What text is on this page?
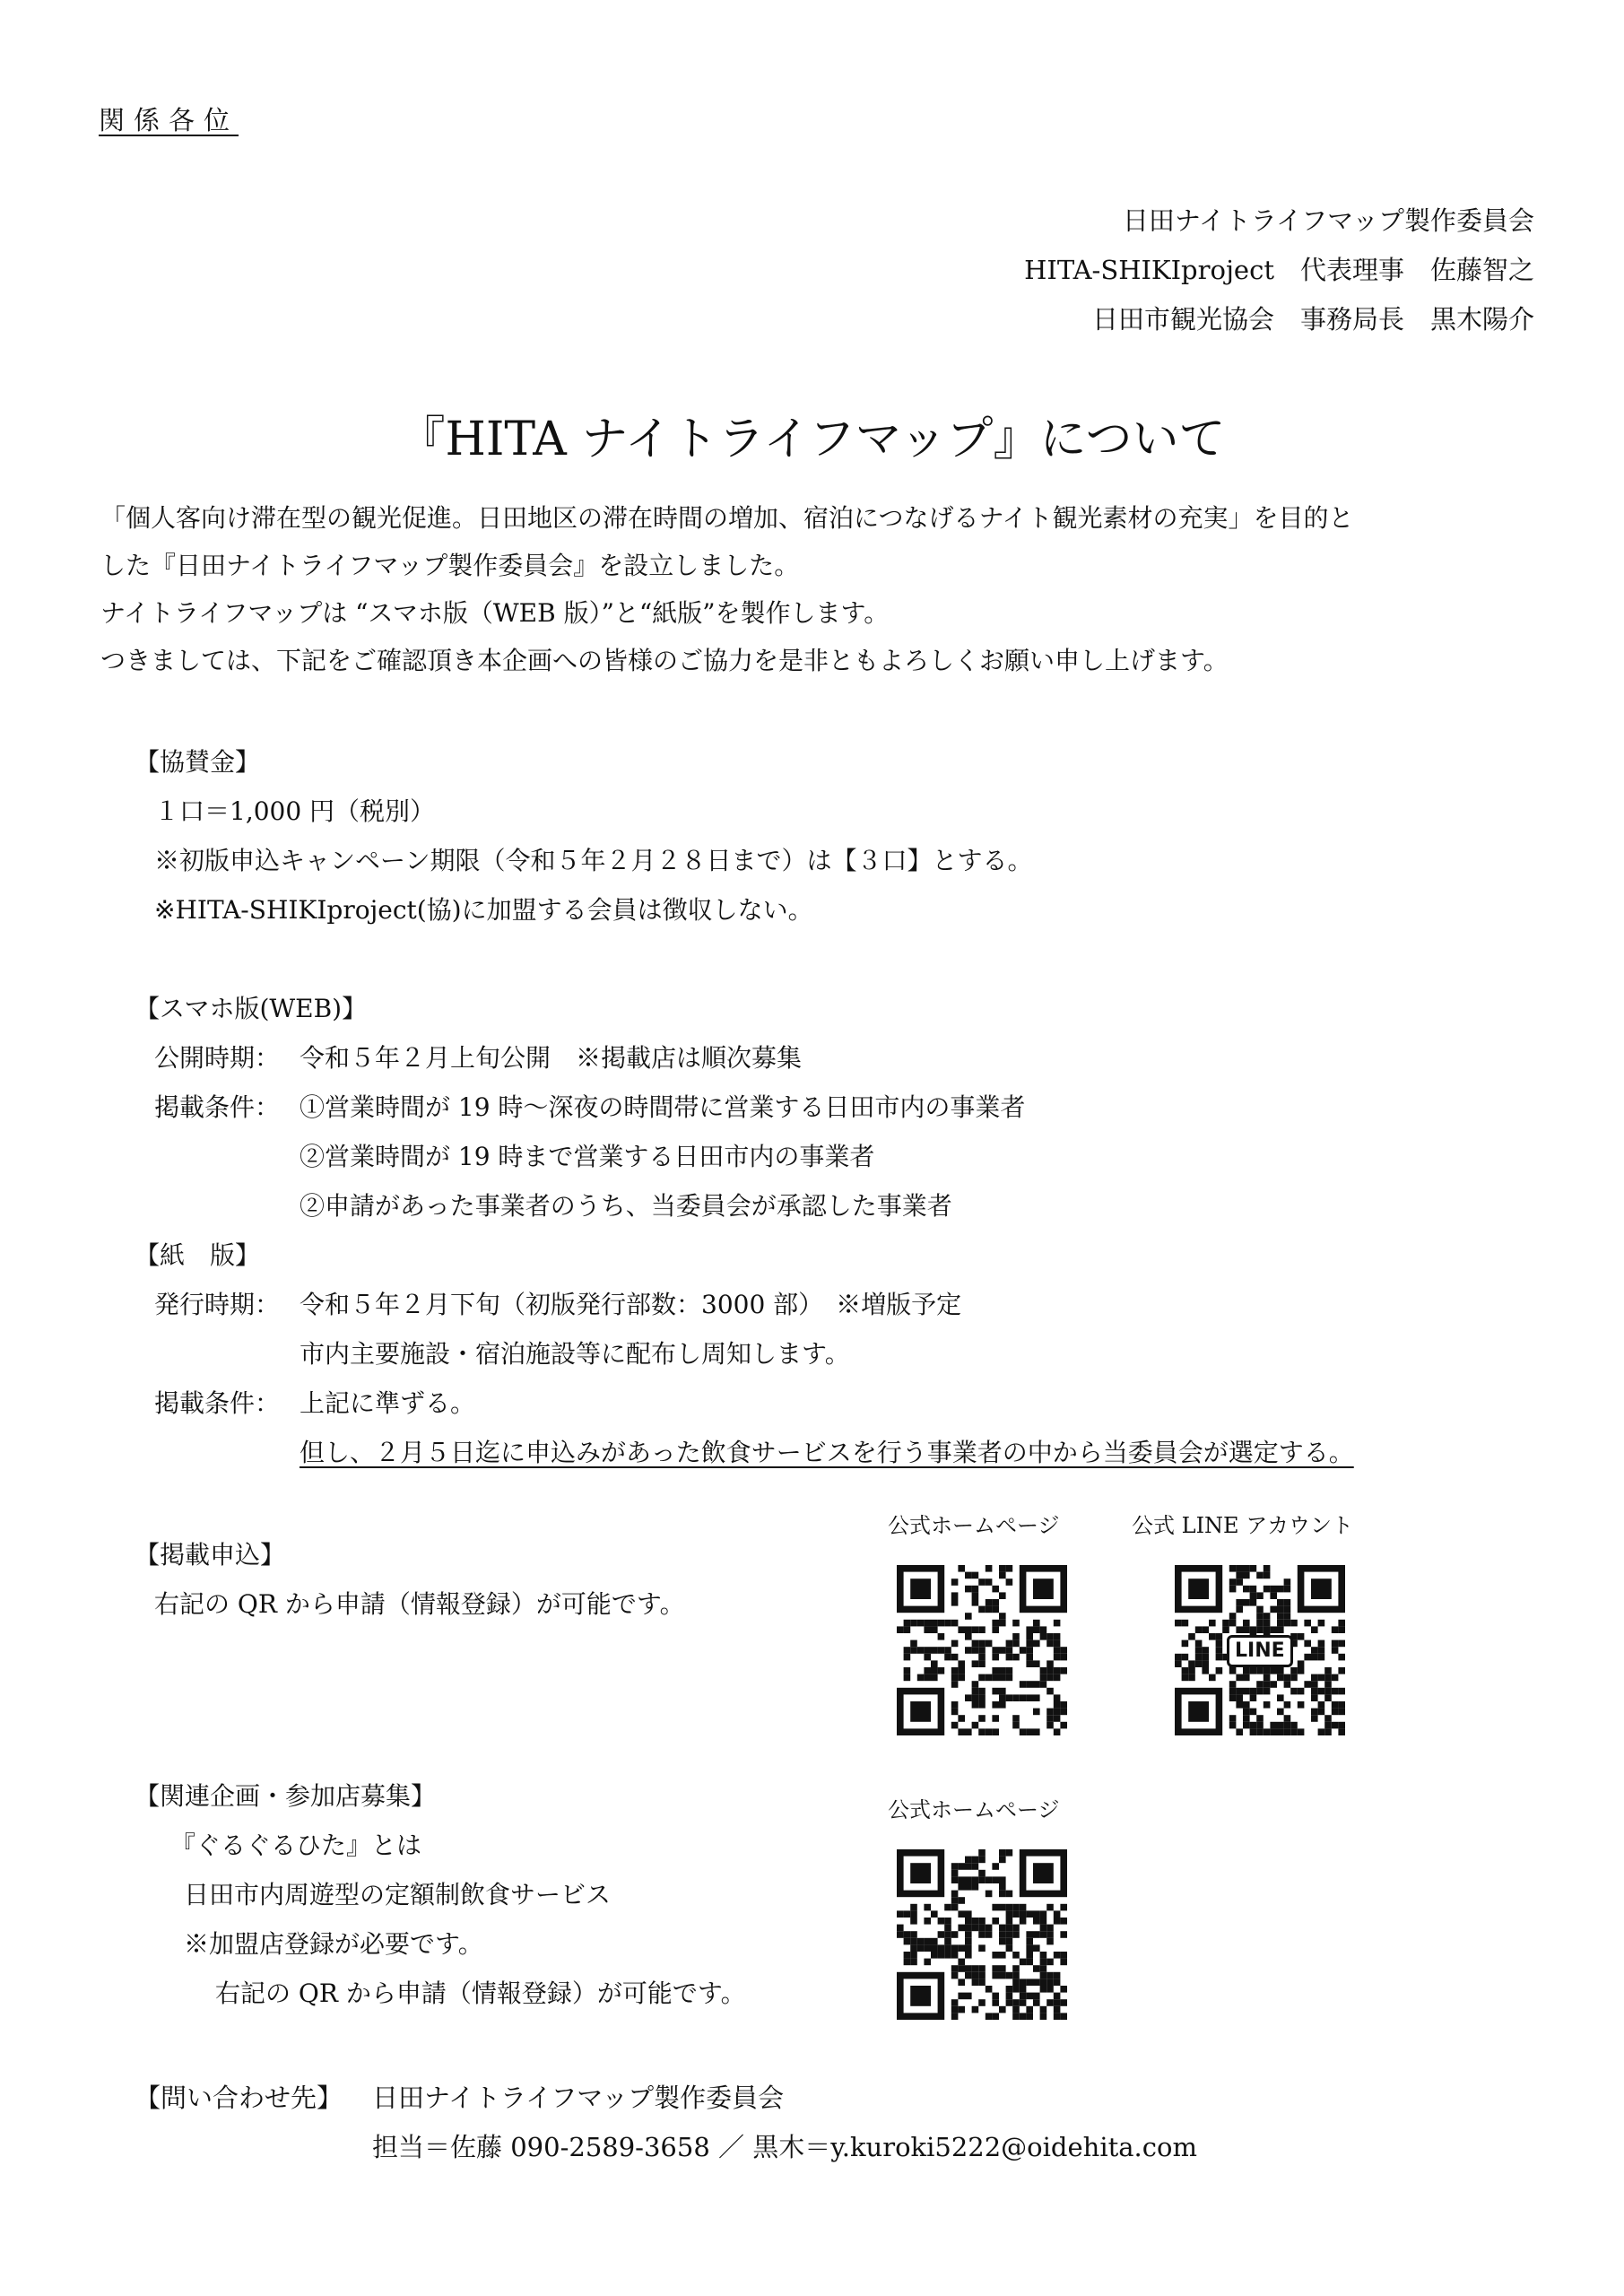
関係各位
日田ナイトライフマップ製作委員会
HITA-SHIKIproject　代表理事　佐藤智之
日田市観光協会　事務局長　黒木陽介
『HITA ナイトライフマップ』について
「個人客向け滞在型の観光促進。日田地区の滞在時間の増加、宿泊につなげるナイト観光素材の充実」を目的と
した『日田ナイトライフマップ製作委員会』を設立しました。
ナイトライフマップは “スマホ版（WEB 版）”と“紙版”を製作します。
つきましては、下記をご確認頂き本企画への皆様のご協力を是非ともよろしくお願い申し上げます。
【協賛金】
１口＝1,000 円（税別）
※初版申込キャンペーン期限（令和５年２月２８日まで）は【３口】とする。
※HITA-SHIKIproject(協)に加盟する会員は徴収しない。
【スマホ版(WEB)】
公開時期： 令和５年２月上旬公開　※掲載店は順次募集
掲載条件： ①営業時間が 19 時～深夜の時間帯に営業する日田市内の事業者
②営業時間が 19 時まで営業する日田市内の事業者
②申請があった事業者のうち、当委員会が承認した事業者
【紙　版】
発行時期： 令和５年２月下旬（初版発行部数：3000 部）　※増版予定
市内主要施設・宿泊施設等に配布し周知します。
掲載条件： 上記に準ずる。
但し、２月５日迄に申込みがあった飲食サービスを行う事業者の中から当委員会が選定する。
【掲載申込】
右記の QR から申請（情報登録）が可能です。
公式ホームページ	公式 LINE アカウント
LINE
【関連企画・参加店募集】
『ぐるぐるひた』とは
日田市内周遊型の定額制飲食サービス
※加盟店登録が必要です。
右記の QR から申請（情報登録）が可能です。
公式ホームページ
【問い合わせ先】 日田ナイトライフマップ製作委員会
担当＝佐藤 090-2589-3658 ／ 黒木＝y.kuroki5222@oidehita.com
